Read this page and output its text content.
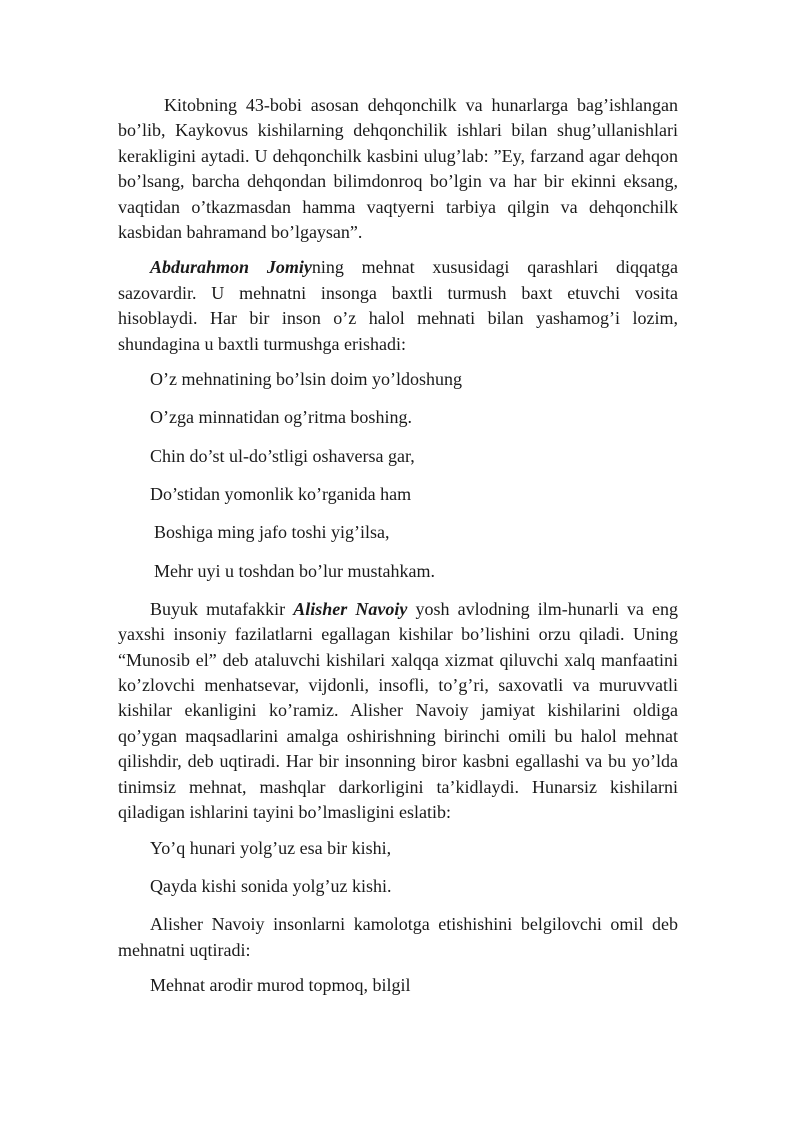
Kitobning 43-bobi asosan dehqonchilk va hunarlarga bag’ishlangan bo’lib, Kaykovus kishilarning dehqonchilik ishlari bilan shug’ullanishlari kerakligini aytadi. U dehqonchilk kasbini ulug’lab: ”Ey, farzand agar dehqon bo’lsang, barcha dehqondan bilimdonroq bo’lgin va har bir ekinni eksang, vaqtidan o’tkazmasdan hamma vaqtyerni tarbiya qilgin va dehqonchilk kasbidan bahramand bo’lgaysan”.

Abdurahmon Jomiyning mehnat xususidagi qarashlari diqqatga sazovardir. U mehnatni insonga baxtli turmush baxt etuvchi vosita hisoblaydi. Har bir inson o’z halol mehnati bilan yashamog’i lozim, shundagina u baxtli turmushga erishadi:

O’z mehnatining bo’lsin doim yo’ldoshung

O’zga minnatidan og’ritma boshing.

Chin do’st ul-do’stligi oshaversa gar,

Do’stidan yomonlik ko’rganida ham

Boshiga ming jafo toshi yig’ilsa,

Mehr uyi u toshdan bo’lur mustahkam.

Buyuk mutafakkir Alisher Navoiy yosh avlodning ilm-hunarli va eng yaxshi insoniy fazilatlarni egallagan kishilar bo’lishini orzu qiladi. Uning “Munosib el” deb ataluvchi kishilari xalqqa xizmat qiluvchi xalq manfaatini ko’zlovchi menhatsevar, vijdonli, insofli, to’g’ri, saxovatli va muruvvatli kishilar ekanligini ko’ramiz. Alisher Navoiy jamiyat kishilarini oldiga qo’ygan maqsadlarini amalga oshirishning birinchi omili bu halol mehnat qilishdir, deb uqtiradi. Har bir insonning biror kasbni egallashi va bu yo’lda tinimsiz mehnat, mashqlar darkorligini ta’kidlaydi. Hunarsiz kishilarni qiladigan ishlarini tayini bo’lmasligini eslatib:

Yo’q hunari yolg’uz esa bir kishi,

Qayda kishi sonida yolg’uz kishi.

Alisher Navoiy insonlarni kamolotga etishishini belgilovchi omil deb mehnatni uqtiradi:

Mehnat arodir murod topmoq, bilgil
